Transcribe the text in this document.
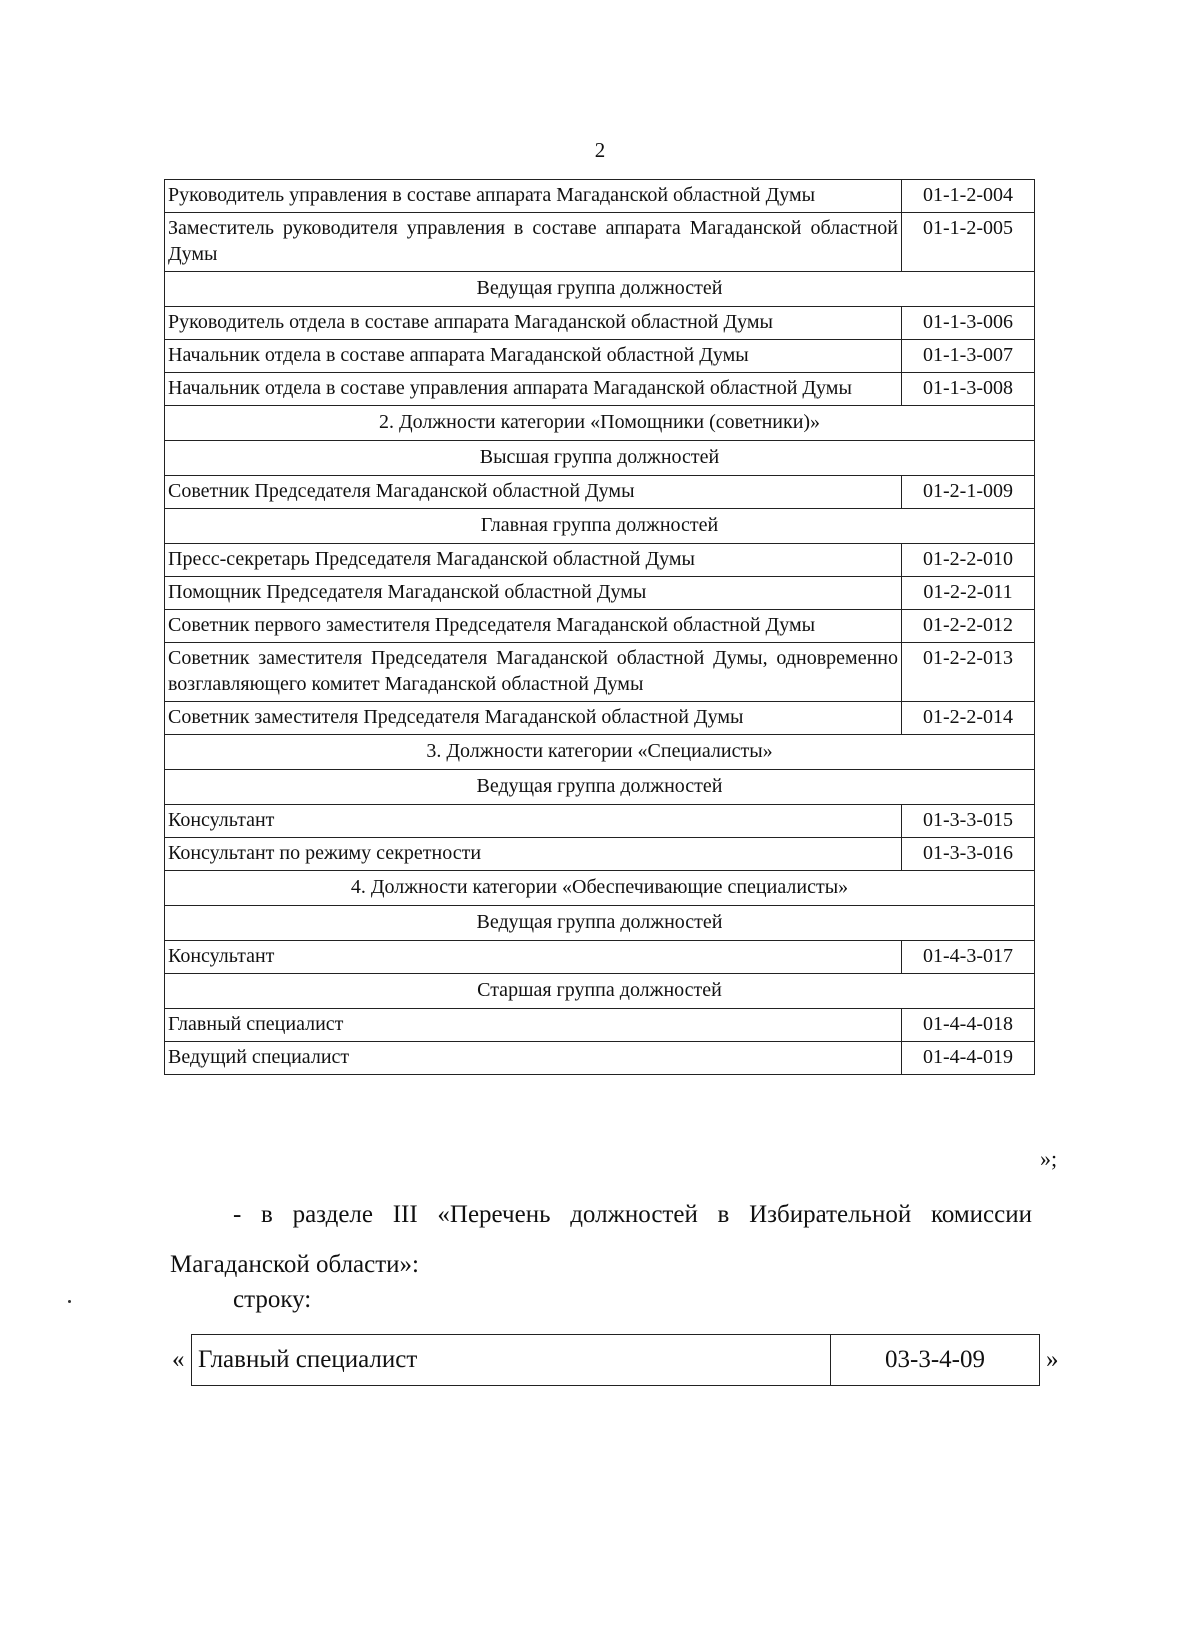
2
Руководитель управления в составе аппарата Магаданской областной Думы	01-1-2-004
Заместитель руководителя управления в составе аппарата Магаданской областной Думы	01-1-2-005
Ведущая группа должностей	
Руководитель отдела в составе аппарата Магаданской областной Думы	01-1-3-006
Начальник отдела в составе аппарата Магаданской областной Думы	01-1-3-007
Начальник отдела в составе управления аппарата Магаданской областной Думы	01-1-3-008
2. Должности категории «Помощники (советники)»	
Высшая группа должностей	
Советник Председателя Магаданской областной Думы	01-2-1-009
Главная группа должностей	
Пресс-секретарь Председателя Магаданской областной Думы	01-2-2-010
Помощник Председателя Магаданской областной Думы	01-2-2-011
Советник первого заместителя Председателя Магаданской областной Думы	01-2-2-012
Советник заместителя Председателя Магаданской областной Думы, одновременно возглавляющего комитет Магаданской областной Думы	01-2-2-013
Советник заместителя Председателя Магаданской областной Думы	01-2-2-014
3. Должности категории «Специалисты»	
Ведущая группа должностей	
Консультант	01-3-3-015
Консультант по режиму секретности	01-3-3-016
4. Должности категории «Обеспечивающие специалисты»	
Ведущая группа должностей	
Консультант	01-4-3-017
Старшая группа должностей	
Главный специалист	01-4-4-018
Ведущий специалист	01-4-4-019
»;
- в разделе III «Перечень должностей в Избирательной комиссии Магаданской области»:
строку:
« Главный специалист	03-3-4-09 »
